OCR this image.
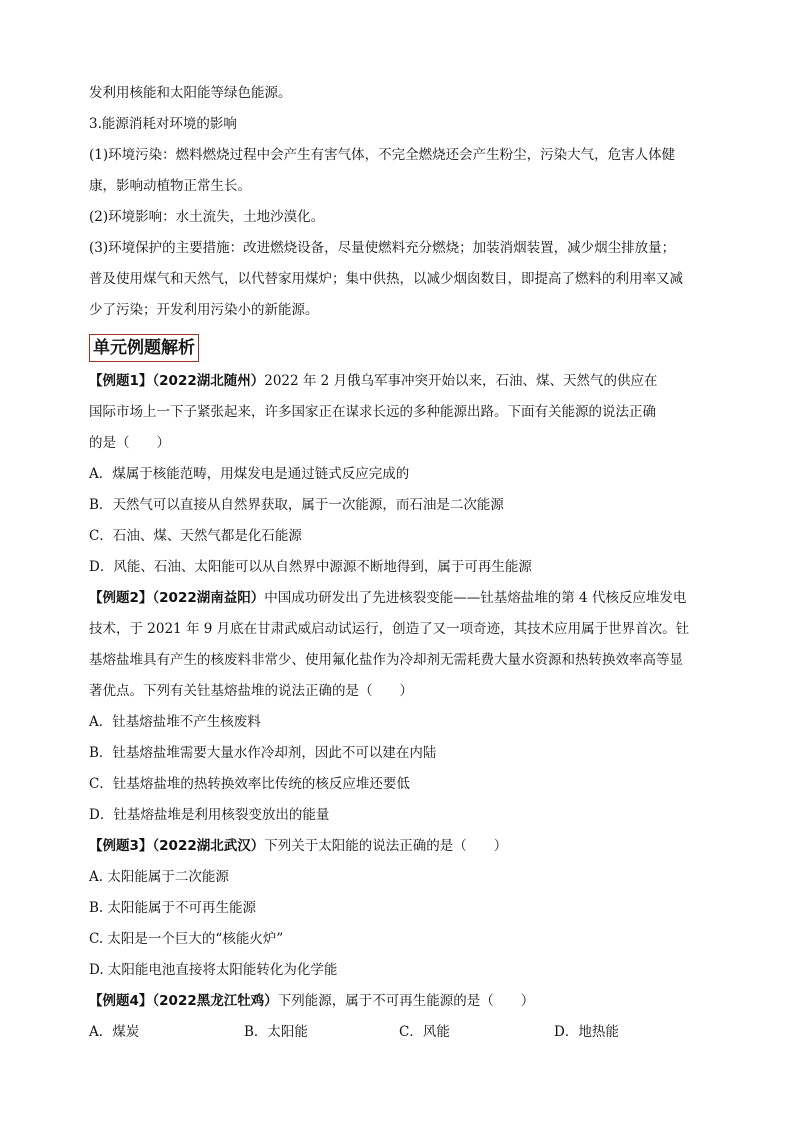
发利用核能和太阳能等绿色能源。

3.能源消耗对环境的影响

(1)环境污染：燃料燃烧过程中会产生有害气体，不完全燃烧还会产生粉尘，污染大气，危害人体健

康，影响动植物正常生长。

(2)环境影响：水土流失，土地沙漠化。

(3)环境保护的主要措施：改进燃烧设备，尽量使燃料充分燃烧；加装消烟装置，减少烟尘排放量；

普及使用煤气和天然气，以代替家用煤炉；集中供热，以减少烟囱数目，即提高了燃料的利用率又减

少了污染；开发利用污染小的新能源。

单元例题解析

【例题1】（2022湖北随州）2022 年 2 月俄乌军事冲突开始以来，石油、煤、天然气的供应在

国际市场上一下子紧张起来，许多国家正在谋求长远的多种能源出路。下面有关能源的说法正确

的是（　　）

A．煤属于核能范畴，用煤发电是通过链式反应完成的

B．天然气可以直接从自然界获取，属于一次能源，而石油是二次能源

C．石油、煤、天然气都是化石能源

D．风能、石油、太阳能可以从自然界中源源不断地得到，属于可再生能源

【例题2】（2022湖南益阳）中国成功研发出了先进核裂变能——钍基熔盐堆的第 4 代核反应堆发电

技术，于 2021 年 9 月底在甘肃武威启动试运行，创造了又一项奇迹，其技术应用属于世界首次。钍

基熔盐堆具有产生的核废料非常少、使用氟化盐作为冷却剂无需耗费大量水资源和热转换效率高等显

著优点。下列有关钍基熔盐堆的说法正确的是（　　）

A．钍基熔盐堆不产生核废料

B．钍基熔盐堆需要大量水作冷却剂，因此不可以建在内陆

C．钍基熔盐堆的热转换效率比传统的核反应堆还要低

D．钍基熔盐堆是利用核裂变放出的能量

【例题3】（2022湖北武汉）下列关于太阳能的说法正确的是（　　）

A. 太阳能属于二次能源

B. 太阳能属于不可再生能源

C. 太阳是一个巨大的“核能火炉”

D. 太阳能电池直接将太阳能转化为化学能

【例题4】（2022黑龙江牡鸡）下列能源，属于不可再生能源的是（　　）

A．煤炭	B．太阳能	C．风能	D．地热能
